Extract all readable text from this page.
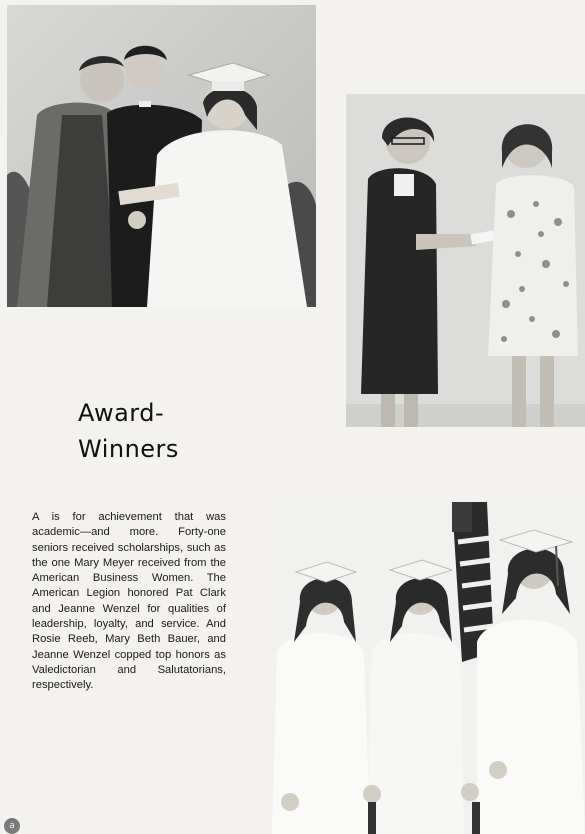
Award-
Winners

A is for achievement that was academic—and more. Forty-one seniors received scholarships, such as the one Mary Meyer received from the American Business Women. The American Legion honored Pat Clark and Jeanne Wenzel for qualities of leadership, loyalty, and service. And Rosie Reeb, Mary Beth Bauer, and Jeanne Wenzel copped top honors as Valedictorian and Salutatorians, respectively.

a
